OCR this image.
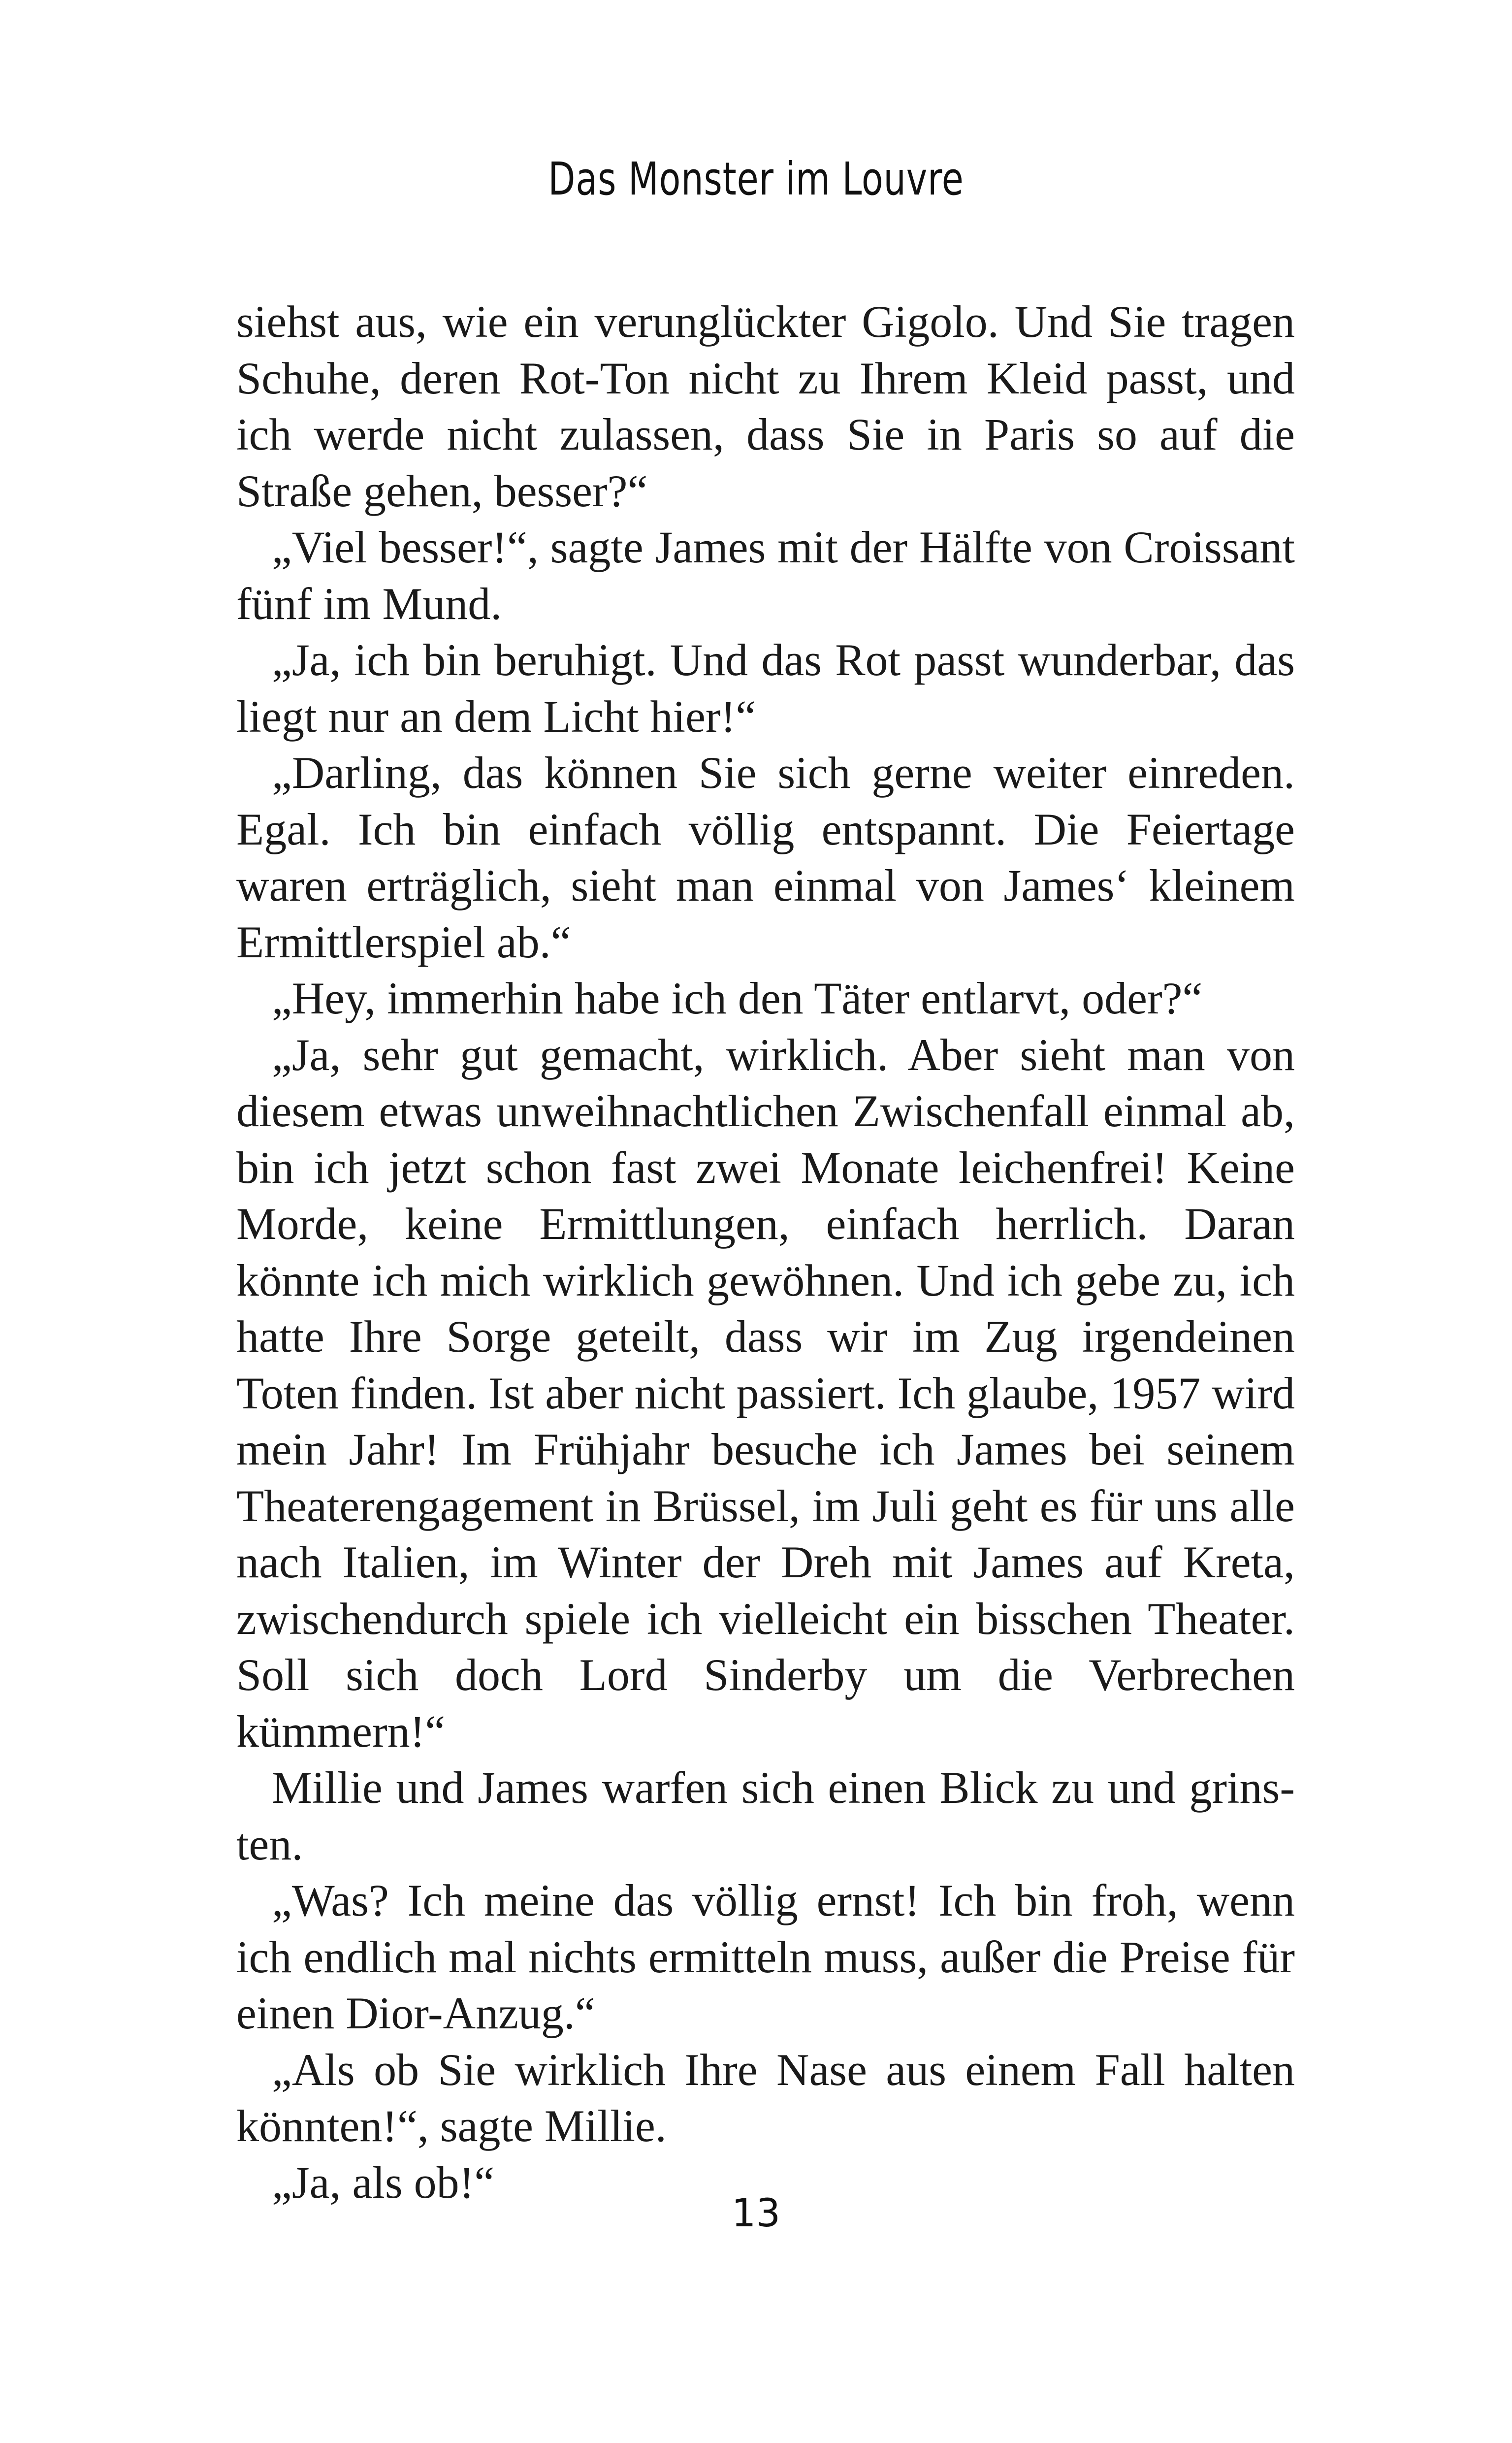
Das Monster im Louvre

siehst aus, wie ein verunglückter Gigolo. Und Sie tragen Schuhe, deren Rot-Ton nicht zu Ihrem Kleid passt, und ich werde nicht zulassen, dass Sie in Paris so auf die Straße gehen, besser?“

„Viel besser!“, sagte James mit der Hälfte von Croissant fünf im Mund.

„Ja, ich bin beruhigt. Und das Rot passt wunderbar, das liegt nur an dem Licht hier!“

„Darling, das können Sie sich gerne weiter einreden. Egal. Ich bin einfach völlig entspannt. Die Feiertage waren erträglich, sieht man einmal von James‘ kleinem Ermittlerspiel ab.“

„Hey, immerhin habe ich den Täter entlarvt, oder?“

„Ja, sehr gut gemacht, wirklich. Aber sieht man von diesem etwas unweihnachtlichen Zwischenfall einmal ab, bin ich jetzt schon fast zwei Monate leichenfrei! Keine Morde, keine Ermittlungen, einfach herrlich. Daran könnte ich mich wirklich gewöhnen. Und ich gebe zu, ich hatte Ihre Sorge geteilt, dass wir im Zug irgendeinen Toten finden. Ist aber nicht passiert. Ich glaube, 1957 wird mein Jahr! Im Frühjahr besuche ich James bei seinem Theaterengagement in Brüssel, im Juli geht es für uns alle nach Italien, im Winter der Dreh mit James auf Kreta, zwischendurch spiele ich vielleicht ein bisschen Theater. Soll sich doch Lord Sinderby um die Verbrechen kümmern!“

Millie und James warfen sich einen Blick zu und grinsten.

„Was? Ich meine das völlig ernst! Ich bin froh, wenn ich endlich mal nichts ermitteln muss, außer die Preise für einen Dior-Anzug.“

„Als ob Sie wirklich Ihre Nase aus einem Fall halten könnten!“, sagte Millie.

„Ja, als ob!“

13
